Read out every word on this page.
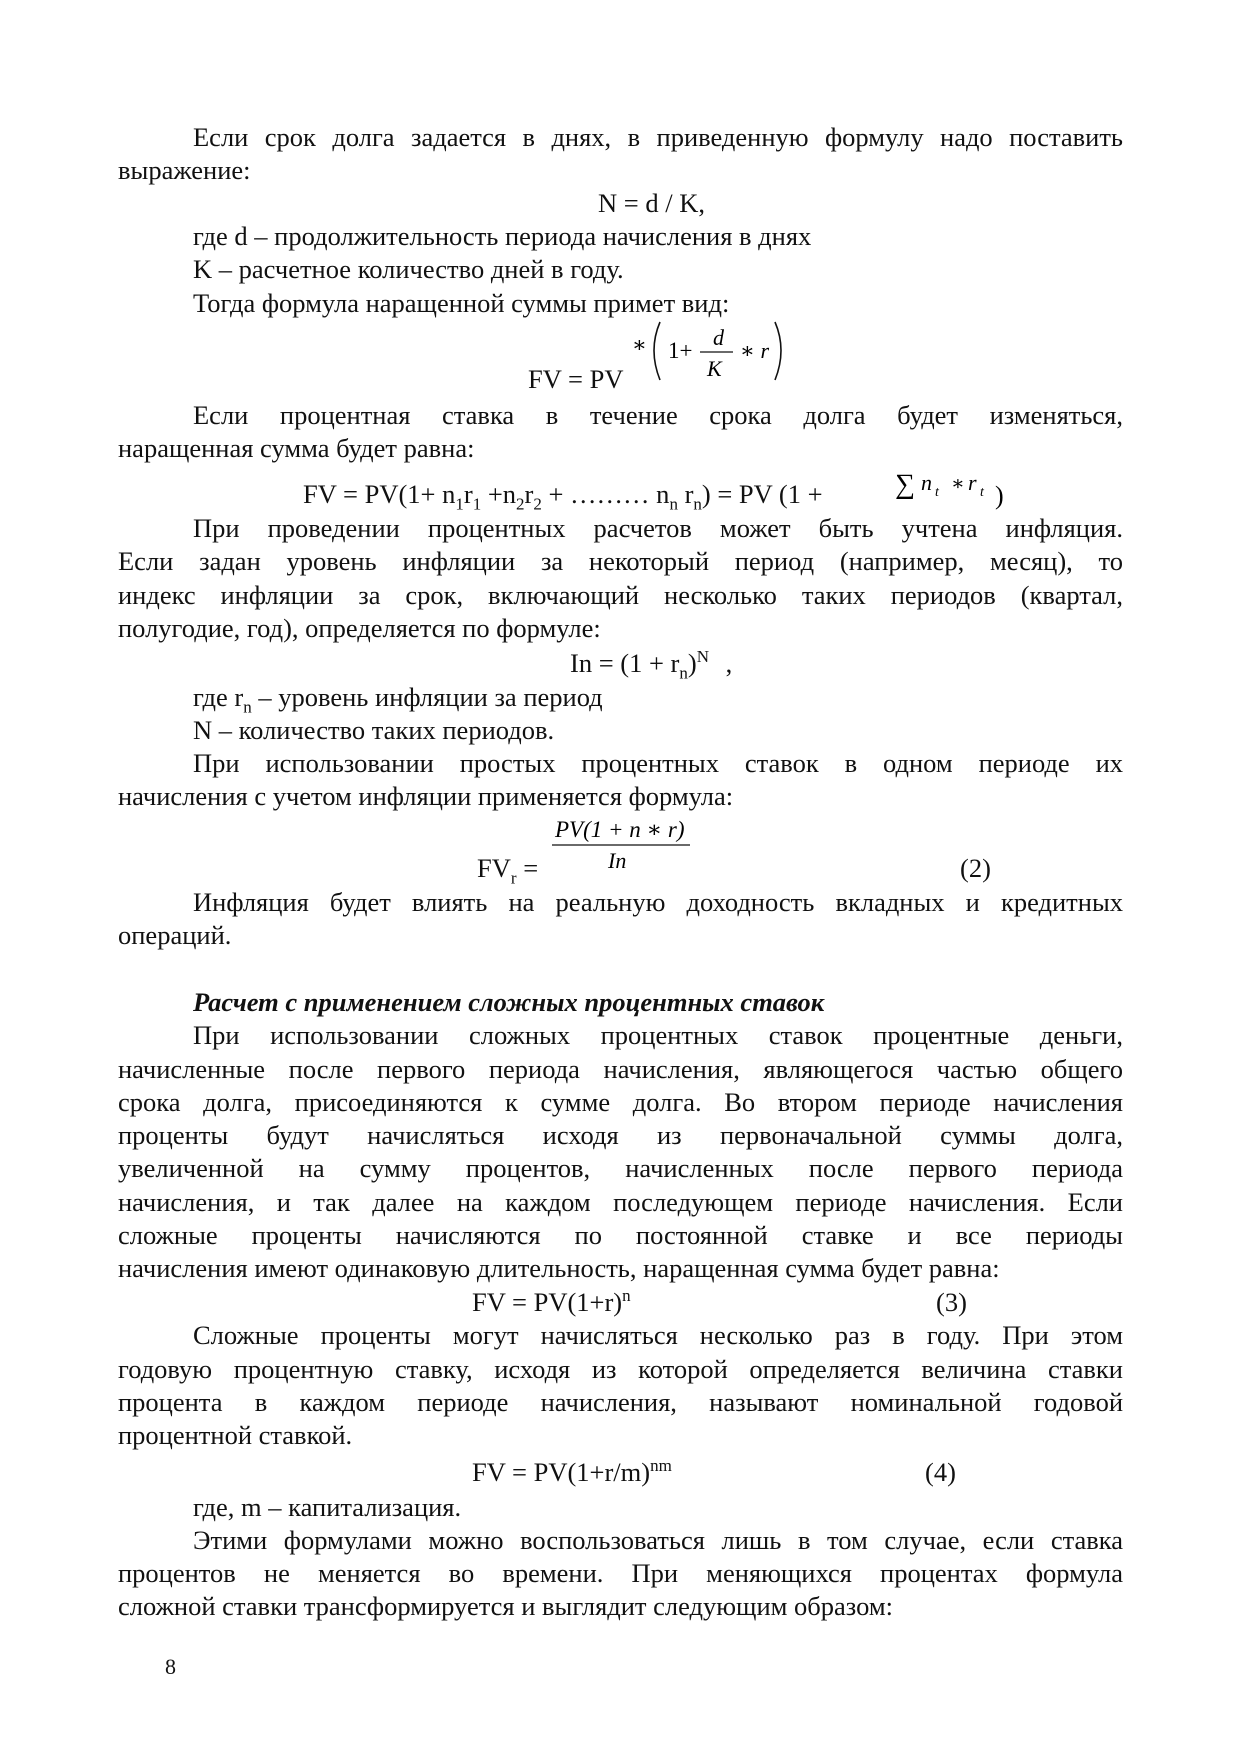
Если срок долга задается в днях, в приведенную формулу надо поставить
выражение:
N = d / K,
где d – продолжительность периода начисления в днях
K – расчетное количество дней в году.
Тогда формула наращенной суммы примет вид:
FV = PV
∗ 1+
d
K
∗ r
Если процентная ставка в течение срока долга будет изменяться,
наращенная сумма будет равна:
FV = $PV(1+ n_1r_1 +n_2r_2$ + ……… $n_n$ $r_n$) = PV (1 +	∑ n t ∗ r t )
При проведении процентных расчетов может быть учтена инфляция.
Если задан уровень инфляции за некоторый период (например, месяц), то
индекс инфляции за срок, включающий несколько таких периодов (квартал,
полугодие, год), определяется по формуле:
$In = (1 + r_n)^N$ ,
где $r_n$ – уровень инфляции за период
N – количество таких периодов.
При использовании простых процентных ставок в одном периоде их
начисления с учетом инфляции применяется формула:
$FV_r$ =
PV(1 + n ∗ r)
In	(2)
Инфляция будет влиять на реальную доходность вкладных и кредитных
операций.
Расчет с применением сложных процентных ставок
При использовании сложных процентных ставок процентные деньги,
начисленные после первого периода начисления, являющегося частью общего
срока долга, присоединяются к сумме долга. Во втором периоде начисления
проценты будут начисляться исходя из первоначальной суммы долга,
увеличенной на сумму процентов, начисленных после первого периода
начисления, и так далее на каждом последующем периоде начисления. Если
сложные проценты начисляются по постоянной ставке и все периоды
начисления имеют одинаковую длительность, наращенная сумма будет равна:
FV = $PV(1+r)^n$	(3)
Сложные проценты могут начисляться несколько раз в году. При этом
годовую процентную ставку, исходя из которой определяется величина ставки
процента в каждом периоде начисления, называют номинальной годовой
процентной ставкой.
FV = $PV(1+r/m)^{nm}$	(4)
где, m – капитализация.
Этими формулами можно воспользоваться лишь в том случае, если ставка
процентов не меняется во времени. При меняющихся процентах формула
сложной ставки трансформируется и выглядит следующим образом:
8
